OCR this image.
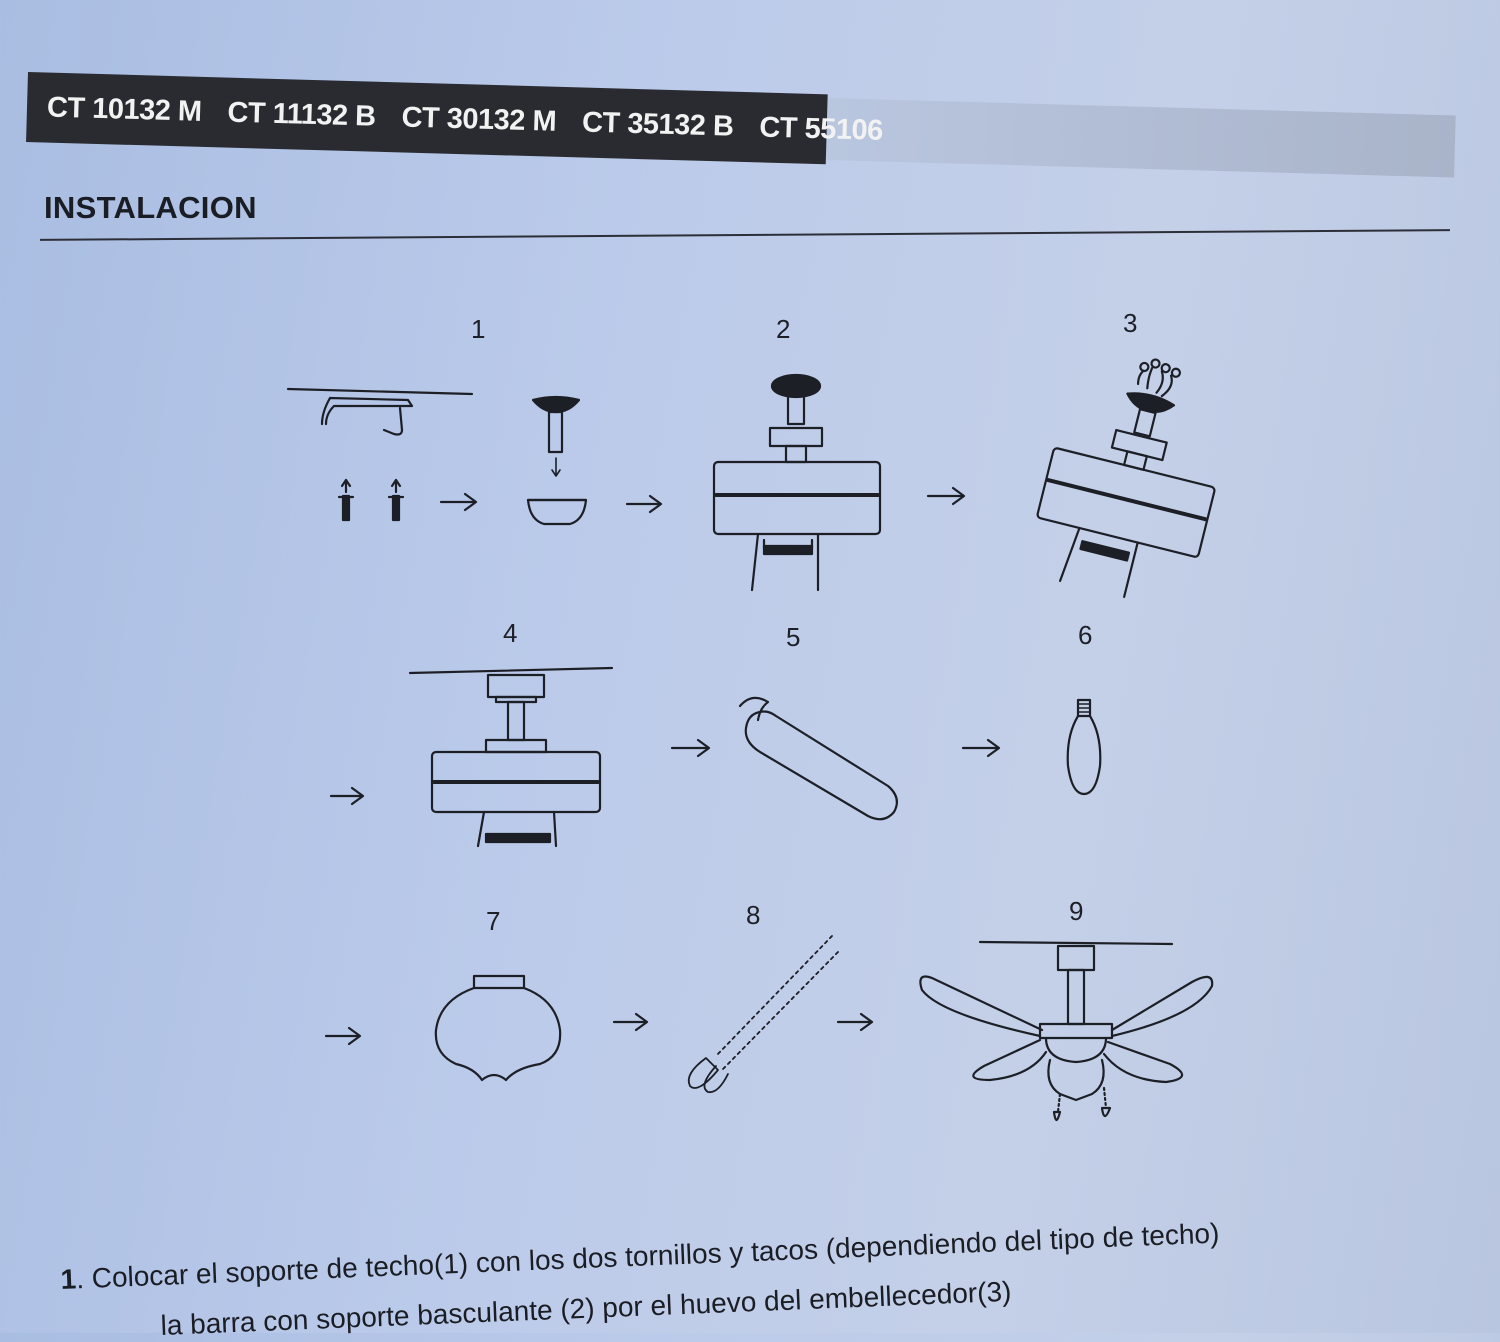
CT 10132 M CT 11132 B CT 30132 M CT 35132 B CT 55106
INSTALACION
1	2	3
4	5	6
7	8	9
1. Colocar el soporte de techo(1) con los dos tornillos y tacos (dependiendo del tipo de techo)
la barra con soporte basculante (2) por el huevo del embellecedor(3)
